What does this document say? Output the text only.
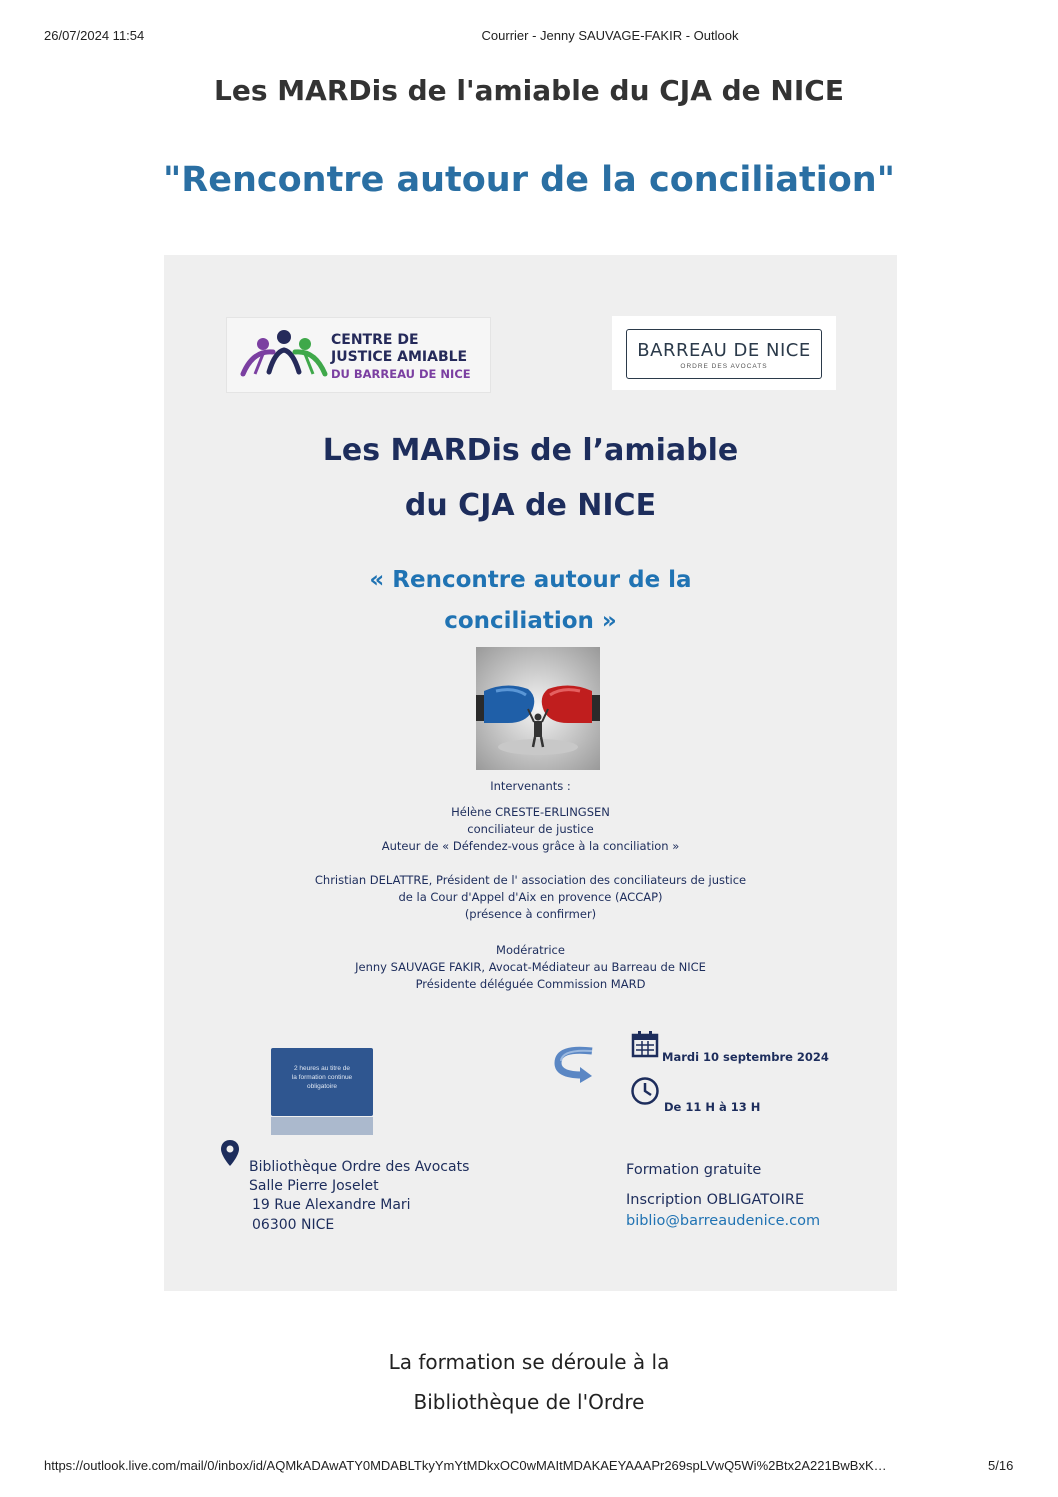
26/07/2024 11:54	Courrier - Jenny SAUVAGE-FAKIR - Outlook
Les MARDis de l'amiable du CJA de NICE
"Rencontre autour de la conciliation"
CENTRE DE
JUSTICE AMIABLE
DU BARREAU DE NICE
BARREAU DE NICE
ORDRE DES AVOCATS
Les MARDis de l’amiable
du CJA de NICE
« Rencontre autour de la
conciliation »
Intervenants :
Hélène CRESTE-ERLINGSEN
conciliateur de justice
Auteur de « Défendez-vous grâce à la conciliation »
Christian DELATTRE, Président de l' association des conciliateurs de justice
de la Cour d'Appel d'Aix en provence (ACCAP)
(présence à confirmer)
Modératrice
Jenny SAUVAGE FAKIR, Avocat-Médiateur au Barreau de NICE
Présidente déléguée Commission MARD
2 heures au titre de
la formation continue
obligatoire
Mardi 10 septembre 2024
De 11 H à 13 H
Bibliothèque Ordre des Avocats
Salle Pierre Joselet
19 Rue Alexandre Mari
06300 NICE
Formation gratuite
Inscription OBLIGATOIRE
biblio@barreaudenice.com
La formation se déroule à la
Bibliothèque de l'Ordre
https://outlook.live.com/mail/0/inbox/id/AQMkADAwATY0MDABLTkyYmYtMDkxOC0wMAItMDAKAEYAAAPr269spLVwQ5Wi%2Btx2A221BwBxK…	5/16
